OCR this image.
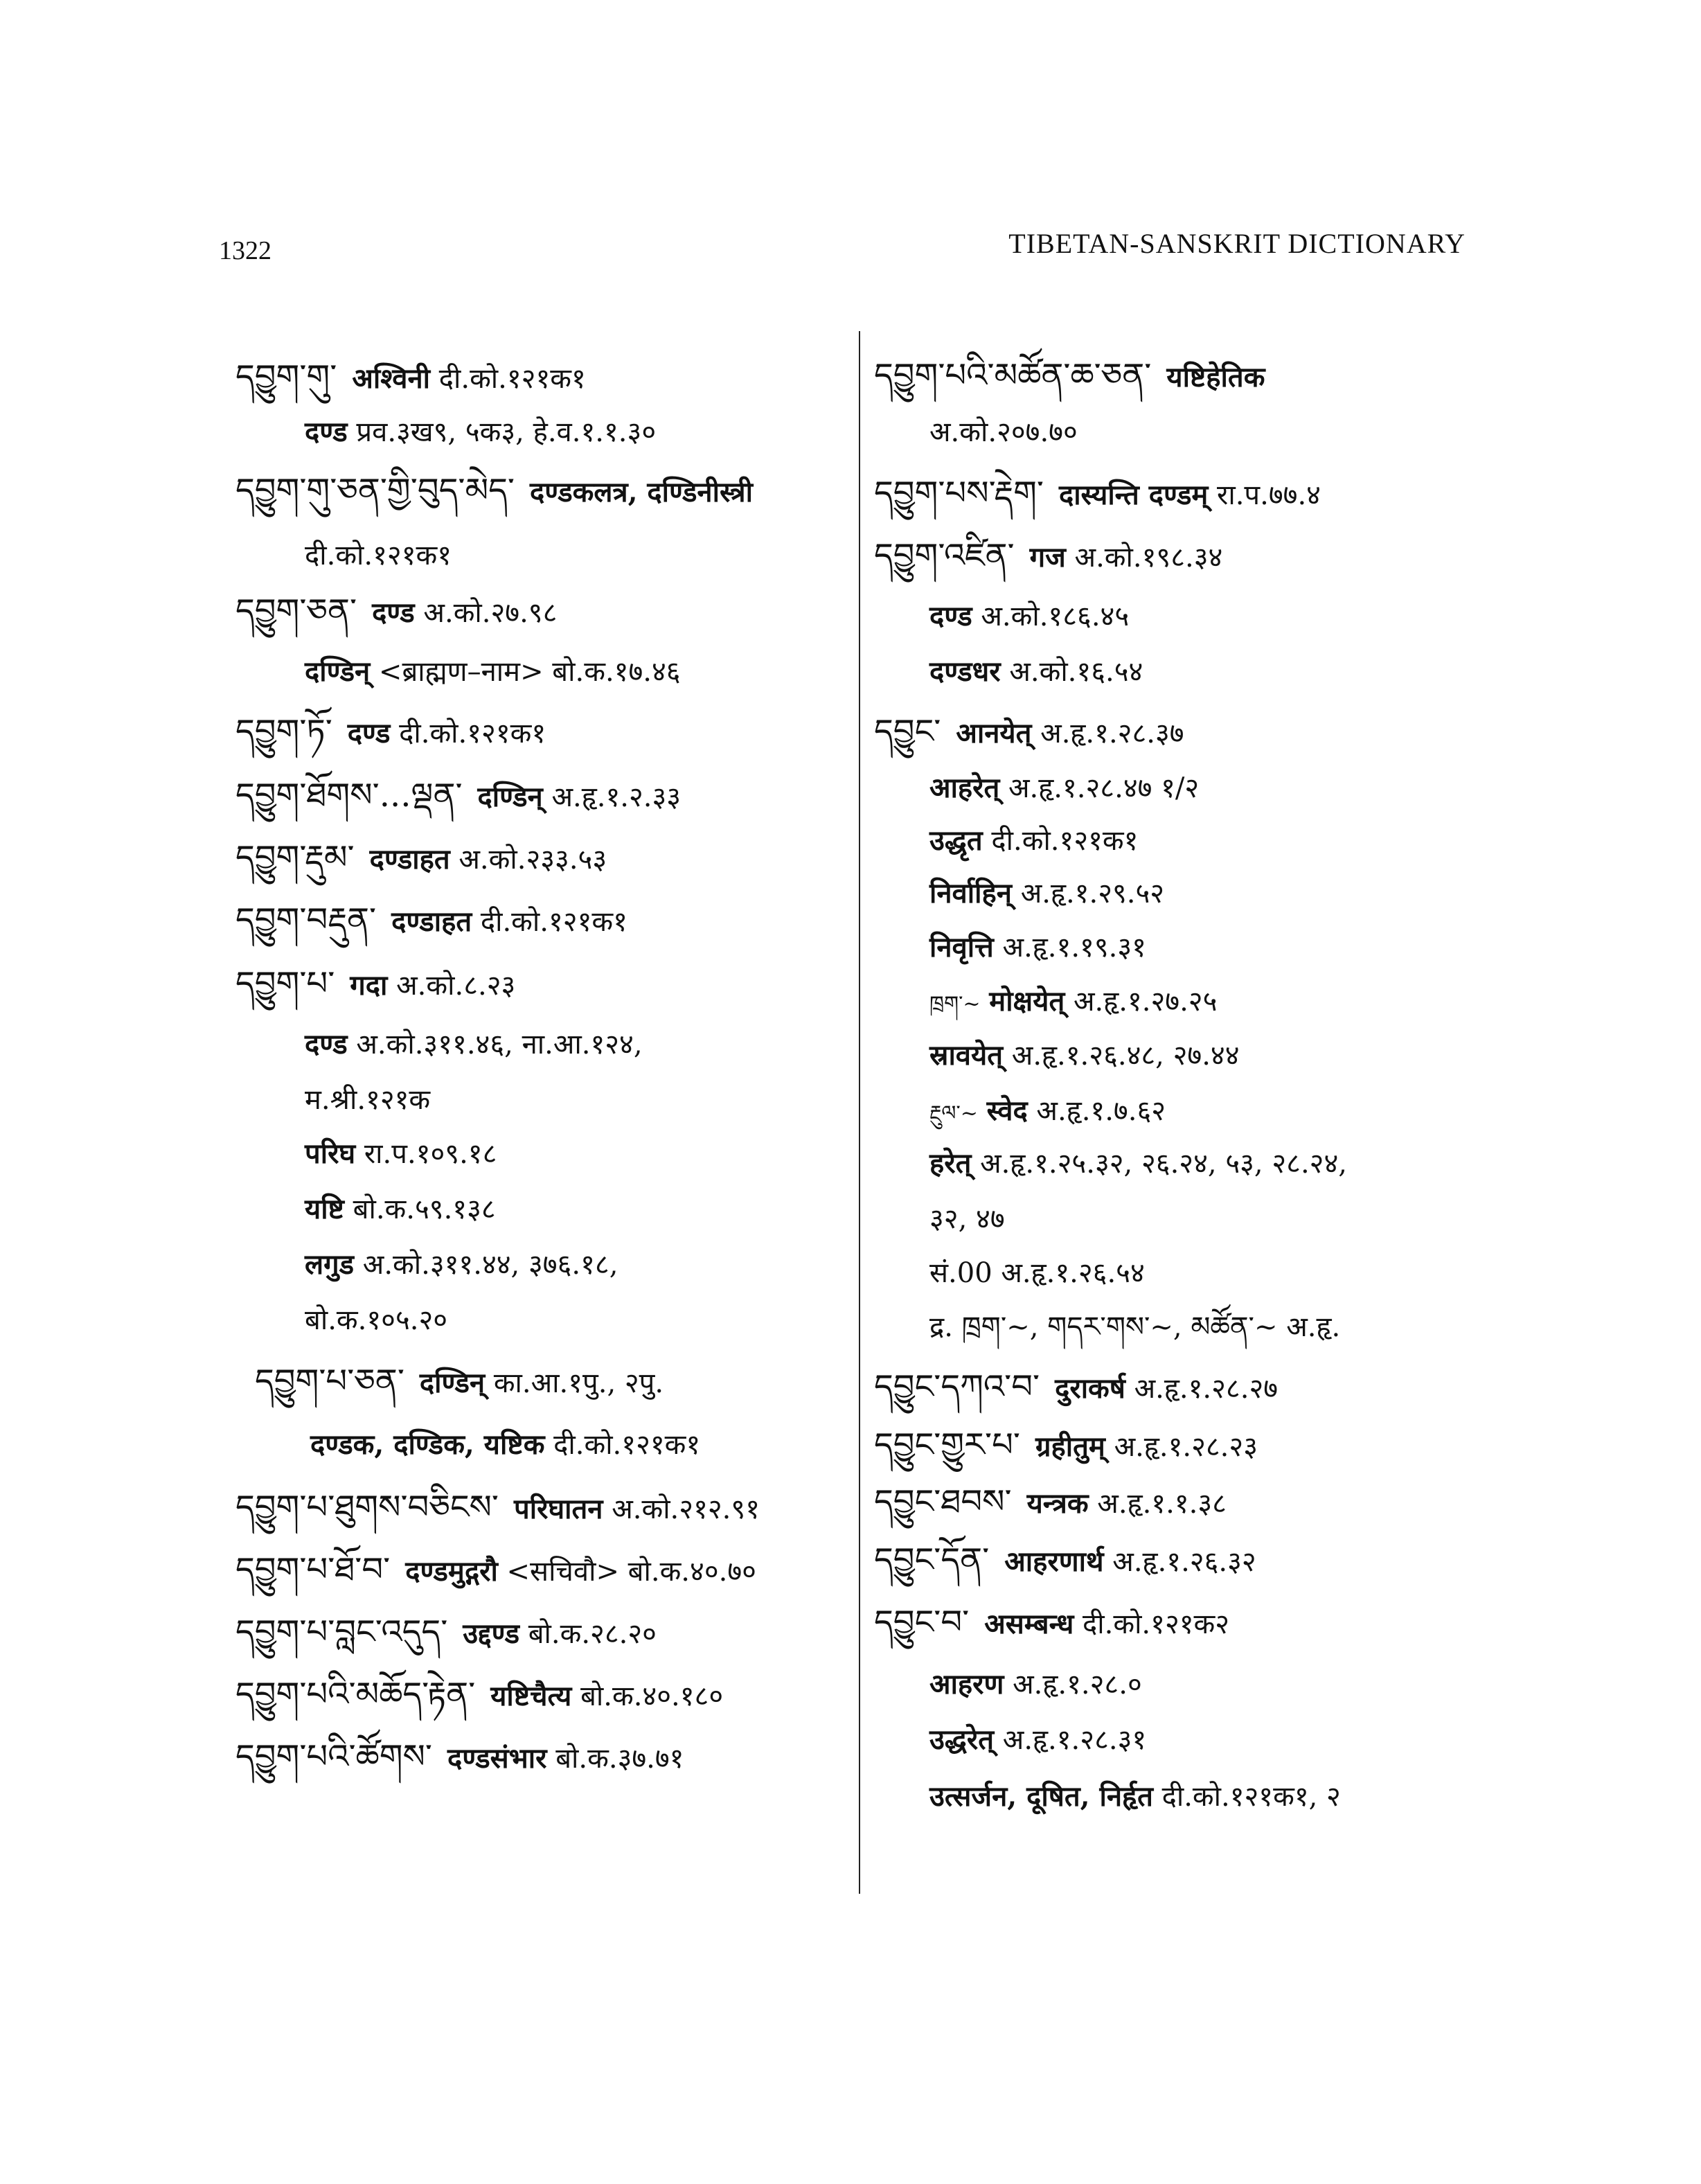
1322	TIBETAN-SANSKRIT DICTIONARY
དབྱུག་གུ་ अश्विनी दी.को.१२१क१
दण्ड प्रव.३ख९, ५क३, हे.व.१.१.३०
དབྱུག་གུ་ཅན་གྱི་བུད་མེད་ दण्डकलत्र, दण्डिनीस्त्री
दी.को.१२१क१
དབྱུག་ཅན་ दण्ड अ.को.२७.९८
दण्डिन् <ब्राह्मण–नाम> बो.क.१७.४६
དབྱུག་ཏོ་ दण्ड दी.को.१२१क१
དབྱུག་ཐོགས་...ལྡན་ दण्डिन् अ.हृ.१.२.३३
དབྱུག་རྡུམ་ दण्डाहत अ.को.२३३.५३
དབྱུག་བརྡུན་ दण्डाहत दी.को.१२१क१
དབྱུག་པ་ गदा अ.को.८.२३
दण्ड अ.को.३११.४६, ना.आ.१२४,
म.श्री.१२१क
परिघ रा.प.१०९.१८
यष्टि बो.क.५९.१३८
लगुड अ.को.३११.४४, ३७६.१८,
बो.क.१०५.२०
དབྱུག་པ་ཅན་ दण्डिन् का.आ.१पु., २पु.
दण्डक, दण्डिक, यष्टिक दी.को.१२१क१
དབྱུག་པ་ཐུགས་བཅིངས་ परिघातन अ.को.२१२.९१
དབྱུག་པ་ཐོ་བ་ दण्डमुद्गरौ <सचिवौ> बो.क.४०.७०
དབྱུག་པ་བླང་འདུད་ उद्दण्ड बो.क.२८.२०
དབྱུག་པའི་མཆོད་རྟེན་ यष्टिचैत्य बो.क.४०.१८०
དབྱུག་པའི་ཚོགས་ दण्डसंभार बो.क.३७.७१
དབྱུག་པའི་མཚོན་ཆ་ཅན་ यष्टिहेतिक
अ.को.२०७.७०
དབྱུག་པས་རྡེག་ दास्यन्ति दण्डम् रा.प.७७.४
དབྱུག་འཛིན་ गज अ.को.१९८.३४
दण्ड अ.को.१८६.४५
दण्डधर अ.को.१६.५४
དབྱུང་ आनयेत् अ.हृ.१.२८.३७
आहरेत् अ.हृ.१.२८.४७ १/२
उद्धृत दी.को.१२१क१
निर्वाहिन् अ.हृ.१.२९.५२
निवृत्ति अ.हृ.१.१९.३१
ཁྲག་~ मोक्षयेत् अ.हृ.१.२७.२५
स्रावयेत् अ.हृ.१.२६.४८, २७.४४
རྔུལ་~ स्वेद अ.हृ.१.७.६२
हरेत् अ.हृ.१.२५.३२, २६.२४, ५३, २८.२४,
३२, ४७
सं.00 अ.हृ.१.२६.५४
द्र. ཁྲག་~, གདར་གས་~, མཚོན་~ अ.हृ.
དབྱུང་དཀའ་བ་ दुराकर्ष अ.हृ.१.२८.२७
དབྱུང་གྱུར་པ་ ग्रहीतुम् अ.हृ.१.२८.२३
དབྱུང་ཐབས་ यन्त्रक अ.हृ.१.१.३८
དབྱུང་དོན་ आहरणार्थ अ.हृ.१.२६.३२
དབྱུང་བ་ असम्बन्ध दी.को.१२१क२
आहरण अ.हृ.१.२८.०
उद्धरेत् अ.हृ.१.२८.३१
उत्सर्जन, दूषित, निर्हृत दी.को.१२१क१, २
